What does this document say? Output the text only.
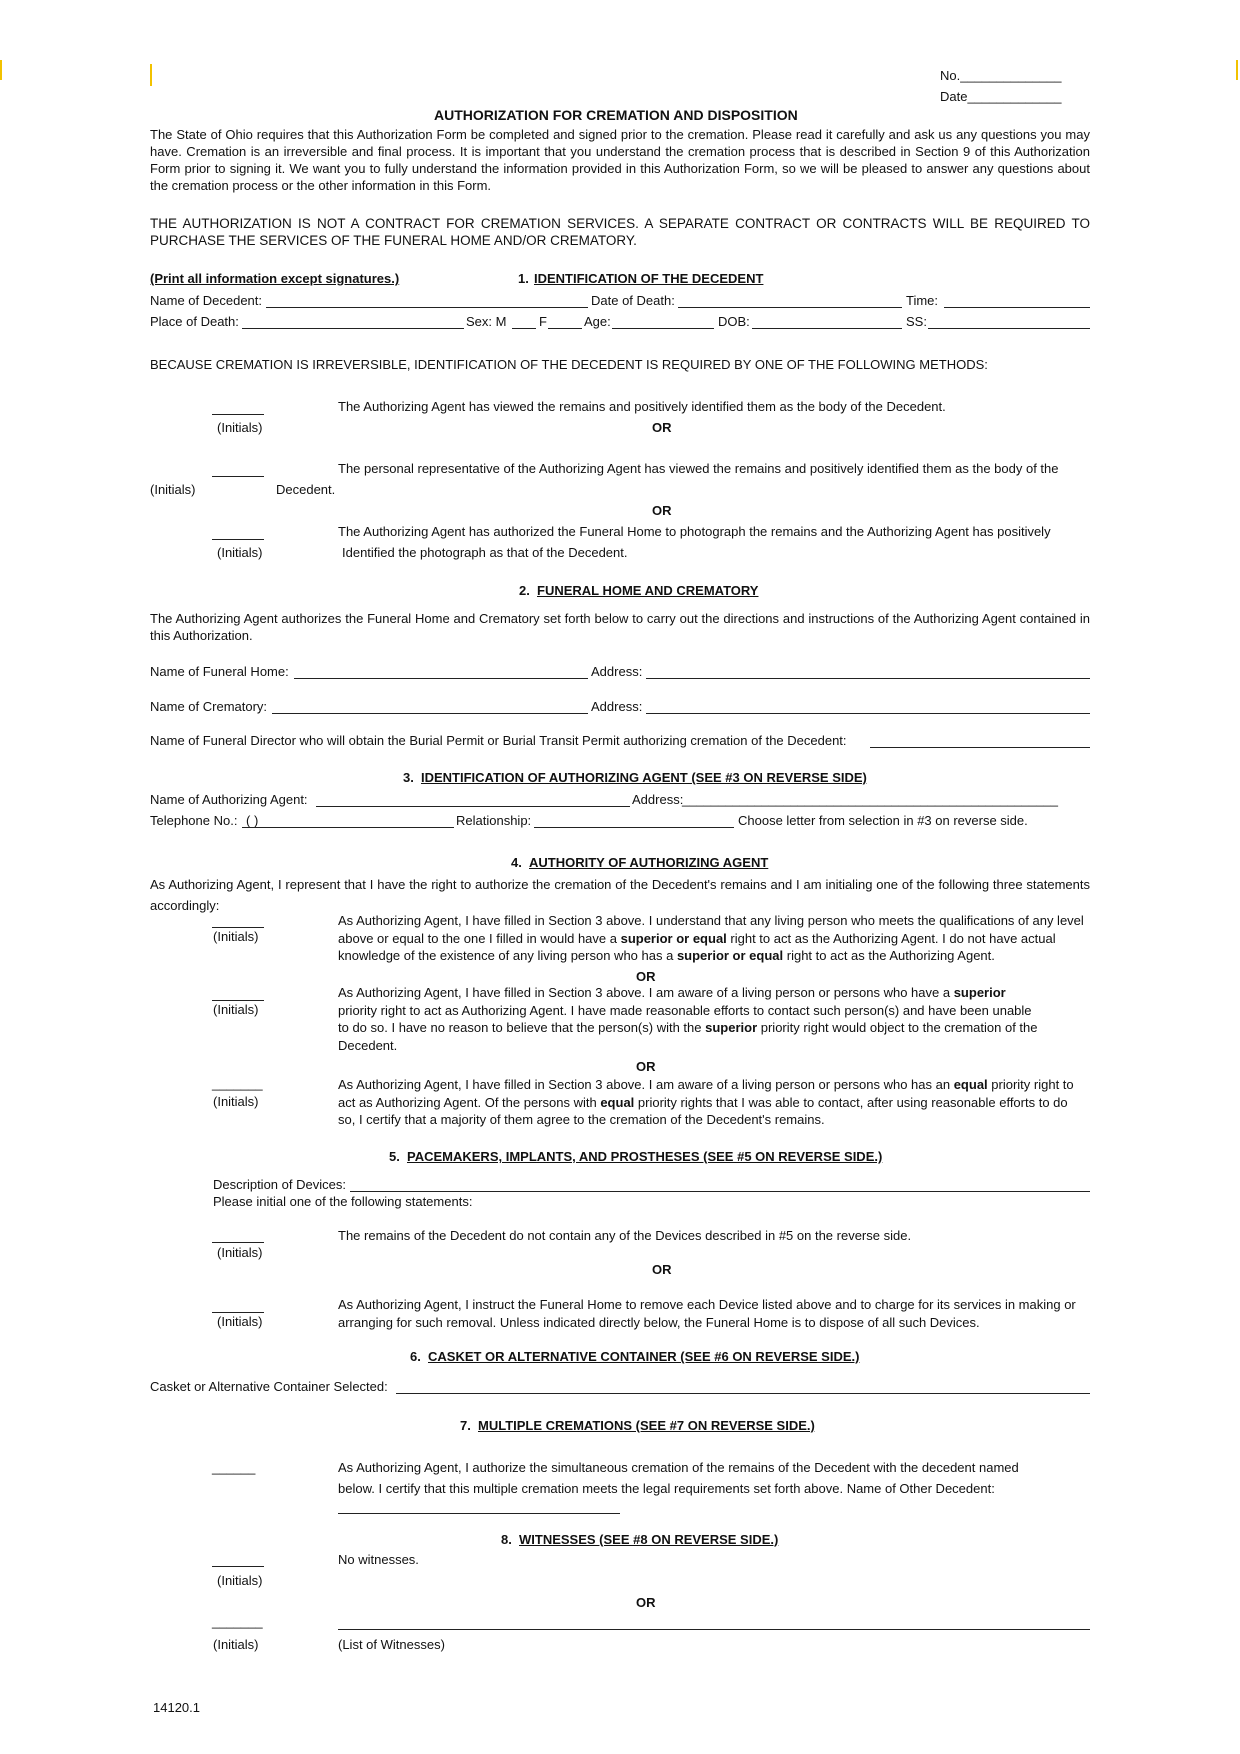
No.______________
Date_____________
AUTHORIZATION FOR CREMATION AND DISPOSITION
The State of Ohio requires that this Authorization Form be completed and signed prior to the cremation. Please read it carefully and ask us any questions you may have. Cremation is an irreversible and final process. It is important that you understand the cremation process that is described in Section 9 of this Authorization Form prior to signing it. We want you to fully understand the information provided in this Authorization Form, so we will be pleased to answer any questions about the cremation process or the other information in this Form.
THE AUTHORIZATION IS NOT A CONTRACT FOR CREMATION SERVICES. A SEPARATE CONTRACT OR CONTRACTS WILL BE REQUIRED TO PURCHASE THE SERVICES OF THE FUNERAL HOME AND/OR CREMATORY.
(Print all information except signatures.)	1. IDENTIFICATION OF THE DECEDENT
Name of Decedent:	Date of Death:	Time:
Place of Death:	Sex: M	F	Age:	DOB:	SS:
BECAUSE CREMATION IS IRREVERSIBLE, IDENTIFICATION OF THE DECEDENT IS REQUIRED BY ONE OF THE FOLLOWING METHODS:
(Initials)
The Authorizing Agent has viewed the remains and positively identified them as the body of the Decedent.
OR
The personal representative of the Authorizing Agent has viewed the remains and positively identified them as the body of the
(Initials)	Decedent.
OR
The Authorizing Agent has authorized the Funeral Home to photograph the remains and the Authorizing Agent has positively
(Initials)	Identified the photograph as that of the Decedent.
2. FUNERAL HOME AND CREMATORY
The Authorizing Agent authorizes the Funeral Home and Crematory set forth below to carry out the directions and instructions of the Authorizing Agent contained in this Authorization.
Name of Funeral Home:	Address:
Name of Crematory:	Address:
Name of Funeral Director who will obtain the Burial Permit or Burial Transit Permit authorizing cremation of the Decedent:
3. IDENTIFICATION OF AUTHORIZING AGENT (SEE #3 ON REVERSE SIDE)
Name of Authorizing Agent:	Address:
____________________________________________________
Telephone No.: ( )	Relationship:	Choose letter from selection in #3 on reverse side.
4. AUTHORITY OF AUTHORIZING AGENT
As Authorizing Agent, I represent that I have the right to authorize the cremation of the Decedent's remains and I am initialing one of the following three statements accordingly:
(Initials)
As Authorizing Agent, I have filled in Section 3 above. I understand that any living person who meets the qualifications of any level above or equal to the one I filled in would have a superior or equal right to act as the Authorizing Agent. I do not have actual knowledge of the existence of any living person who has a superior or equal right to act as the Authorizing Agent.
OR
(Initials)
As Authorizing Agent, I have filled in Section 3 above. I am aware of a living person or persons who have a superior priority right to act as Authorizing Agent. I have made reasonable efforts to contact such person(s) and have been unable to do so. I have no reason to believe that the person(s) with the superior priority right would object to the cremation of the Decedent.
OR
_______
(Initials)
As Authorizing Agent, I have filled in Section 3 above. I am aware of a living person or persons who has an equal priority right to act as Authorizing Agent. Of the persons with equal priority rights that I was able to contact, after using reasonable efforts to do so, I certify that a majority of them agree to the cremation of the Decedent's remains.
5. PACEMAKERS, IMPLANTS, AND PROSTHESES (SEE #5 ON REVERSE SIDE.)
Description of Devices:
Please initial one of the following statements:
(Initials)
The remains of the Decedent do not contain any of the Devices described in #5 on the reverse side.
OR
(Initials)
As Authorizing Agent, I instruct the Funeral Home to remove each Device listed above and to charge for its services in making or arranging for such removal. Unless indicated directly below, the Funeral Home is to dispose of all such Devices.
6. CASKET OR ALTERNATIVE CONTAINER (SEE #6 ON REVERSE SIDE.)
Casket or Alternative Container Selected:
7. MULTIPLE CREMATIONS (SEE #7 ON REVERSE SIDE.)
______	As Authorizing Agent, I authorize the simultaneous cremation of the remains of the Decedent with the decedent named
below. I certify that this multiple cremation meets the legal requirements set forth above. Name of Other Decedent:
8. WITNESSES (SEE #8 ON REVERSE SIDE.)
No witnesses.
(Initials)
OR
_______
(Initials)	(List of Witnesses)
14120.1
